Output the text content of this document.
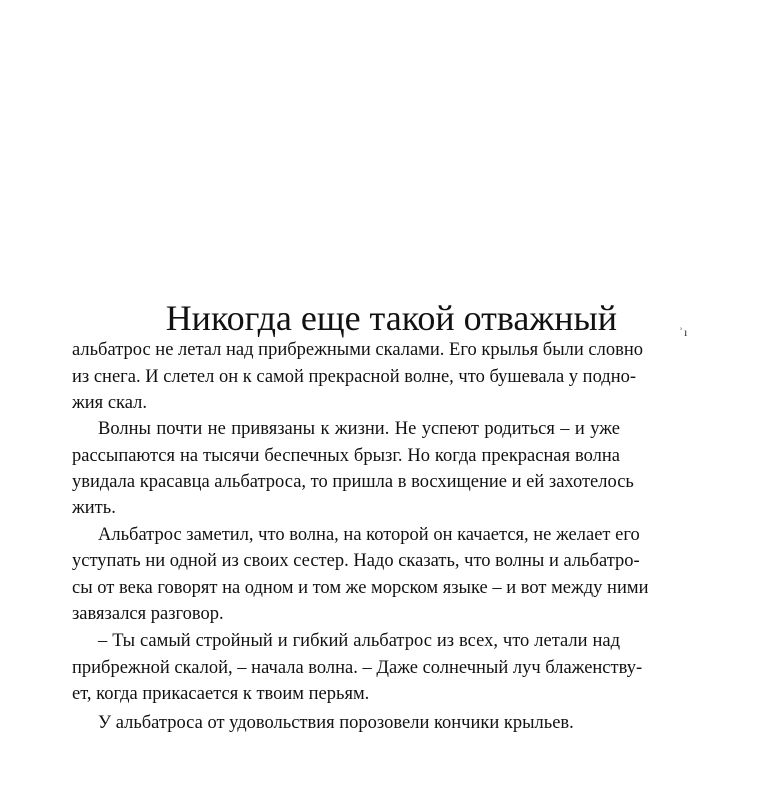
Никогда еще такой отважный	ʾı
альбатрос не летал над прибрежными скалами. Его крылья были словно
из снега. И слетел он к самой прекрасной волне, что бушевала у подно-
жия скал.
Волны почти не привязаны к жизни. Не успеют родиться – и уже
рассыпаются на тысячи беспечных брызг. Но когда прекрасная волна
увидала красавца альбатроса, то пришла в восхищение и ей захотелось
жить.
Альбатрос заметил, что волна, на которой он качается, не желает его
уступать ни одной из своих сестер. Надо сказать, что волны и альбатро-
сы от века говорят на одном и том же морском языке – и вот между ними
завязался разговор.
– Ты самый стройный и гибкий альбатрос из всех, что летали над
прибрежной скалой, – начала волна. – Даже солнечный луч блаженству-
ет, когда прикасается к твоим перьям.
У альбатроса от удовольствия порозовели кончики крыльев.
